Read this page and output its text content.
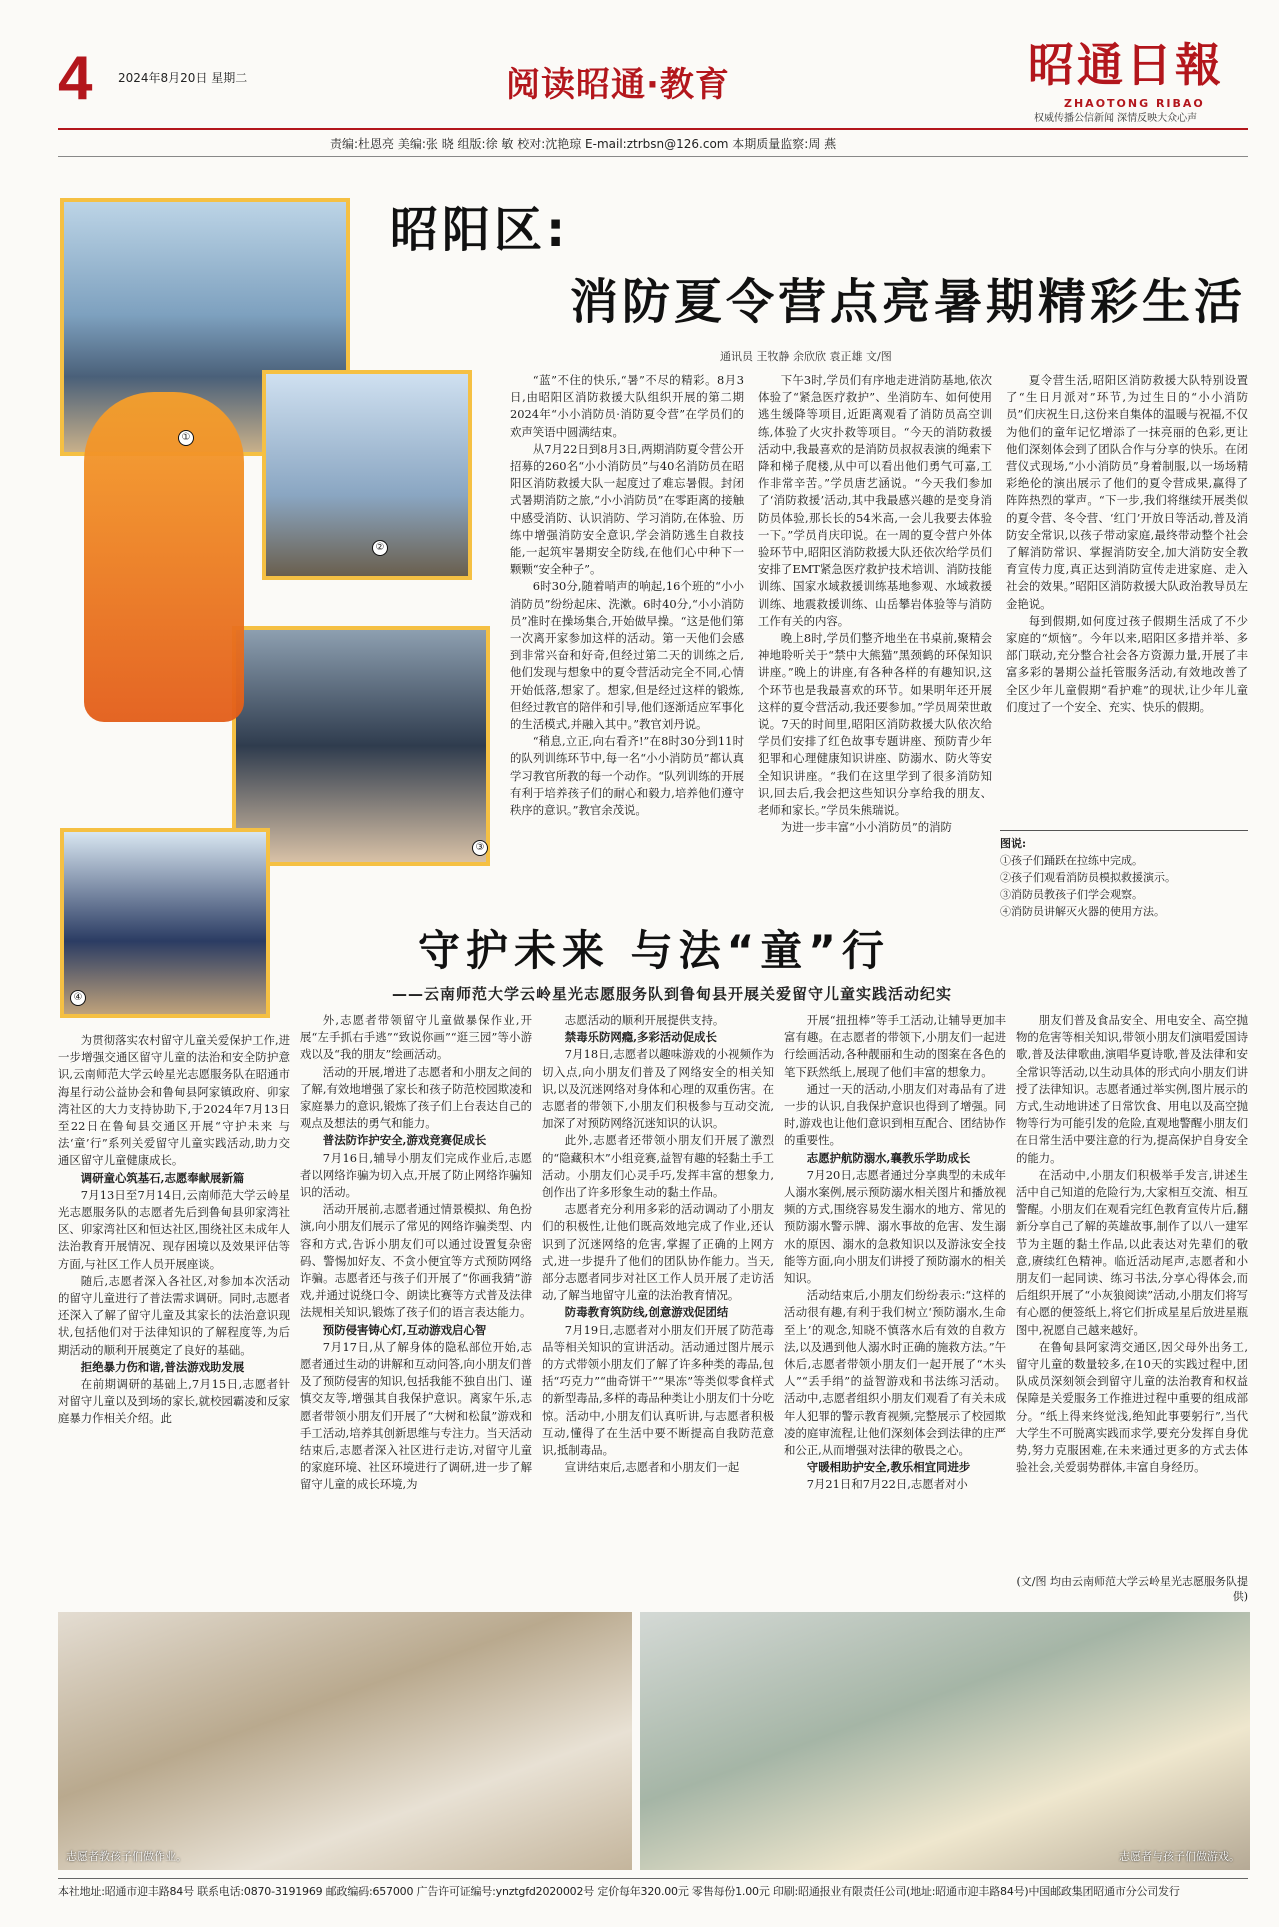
4 2024年8月20日 星期二	阅读昭通·教育	昭通日報
ZHAOTONG RIBAO
权威传播公信新闻 深情反映大众心声
责编:杜恩亮 美编:张 晓 组版:徐 敏 校对:沈艳琼 E-mail:ztrbsn@126.com 本期质量监察:周 燕
①
②
③
④
昭阳区:
消防夏令营点亮暑期精彩生活
通讯员 王牧静 余欣欣 袁正雄 文/图

“蓝”不住的快乐,“暑”不尽的精彩。8月3日,由昭阳区消防救援大队组织开展的第二期2024年“小小消防员·消防夏令营”在学员们的欢声笑语中圆满结束。

从7月22日到8月3日,两期消防夏令营公开招募的260名“小小消防员”与40名消防员在昭阳区消防救援大队一起度过了难忘暑假。封闭式暑期消防之旅,“小小消防员”在零距离的接触中感受消防、认识消防、学习消防,在体验、历练中增强消防安全意识,学会消防逃生自救技能,一起筑牢暑期安全防线,在他们心中种下一颗颗“安全种子”。

6时30分,随着哨声的响起,16个班的“小小消防员”纷纷起床、洗漱。6时40分,“小小消防员”准时在操场集合,开始做早操。“这是他们第一次离开家参加这样的活动。第一天他们会感到非常兴奋和好奇,但经过第二天的训练之后,他们发现与想象中的夏令营活动完全不同,心情开始低落,想家了。想家,但是经过这样的锻炼,但经过教官的陪伴和引导,他们逐渐适应军事化的生活模式,并融入其中。”教官刘丹说。

“稍息,立正,向右看齐!”在8时30分到11时的队列训练环节中,每一名“小小消防员”都认真学习教官所教的每一个动作。“队列训练的开展有利于培养孩子们的耐心和毅力,培养他们遵守秩序的意识。”教官余茂说。

下午3时,学员们有序地走进消防基地,依次体验了“紧急医疗救护”、坐消防车、如何使用逃生缓降等项目,近距离观看了消防员高空训练,体验了火灾扑救等项目。“今天的消防救援活动中,我最喜欢的是消防员叔叔表演的绳索下降和梯子爬楼,从中可以看出他们勇气可嘉,工作非常辛苦。”学员唐艺涵说。“今天我们参加了‘消防救援’活动,其中我最感兴趣的是变身消防员体验,那长长的54米高,一会儿我要去体验一下。”学员肖庆印说。在一周的夏令营户外体验环节中,昭阳区消防救援大队还依次给学员们安排了EMT紧急医疗救护技术培训、消防技能训练、国家水域救援训练基地参观、水域救援训练、地震救援训练、山岳攀岩体验等与消防工作有关的内容。

晚上8时,学员们整齐地坐在书桌前,聚精会神地聆听关于“禁中大熊猫”黑颈鹤的环保知识讲座。”晚上的讲座,有各种各样的有趣知识,这个环节也是我最喜欢的环节。如果明年还开展这样的夏令营活动,我还要参加。”学员周荣世敢说。7天的时间里,昭阳区消防救援大队依次给学员们安排了红色故事专题讲座、预防青少年犯罪和心理健康知识讲座、防溺水、防火等安全知识讲座。“我们在这里学到了很多消防知识,回去后,我会把这些知识分享给我的朋友、老师和家长。”学员朱熊瑞说。

为进一步丰富“小小消防员”的消防

夏令营生活,昭阳区消防救援大队特别设置了“生日月派对”环节,为过生日的“小小消防员”们庆祝生日,这份来自集体的温暖与祝福,不仅为他们的童年记忆增添了一抹亮丽的色彩,更让他们深刻体会到了团队合作与分享的快乐。在闭营仪式现场,“小小消防员”身着制服,以一场场精彩绝伦的演出展示了他们的夏令营成果,赢得了阵阵热烈的掌声。“下一步,我们将继续开展类似的夏令营、冬令营、‘红门’开放日等活动,普及消防安全常识,以孩子带动家庭,最终带动整个社会了解消防常识、掌握消防安全,加大消防安全教育宣传力度,真正达到消防宣传走进家庭、走入社会的效果。”昭阳区消防救援大队政治教导员左金艳说。

每到假期,如何度过孩子假期生活成了不少家庭的“烦恼”。今年以来,昭阳区多措并举、多部门联动,充分整合社会各方资源力量,开展了丰富多彩的暑期公益托管服务活动,有效地改善了全区少年儿童假期“看护难”的现状,让少年儿童们度过了一个安全、充实、快乐的假期。

图说:
①孩子们踊跃在拉练中完成。
②孩子们观看消防员模拟救援演示。
③消防员教孩子们学会观察。
④消防员讲解灭火器的使用方法。
守护未来 与法“童”行
——云南师范大学云岭星光志愿服务队到鲁甸县开展关爱留守儿童实践活动纪实

为贯彻落实农村留守儿童关爱保护工作,进一步增强交通区留守儿童的法治和安全防护意识,云南师范大学云岭星光志愿服务队在昭通市海星行动公益协会和鲁甸县阿家镇政府、卯家湾社区的大力支持协助下,于2024年7月13日至22日在鲁甸县交通区开展“守护未来 与法‘童’行”系列关爱留守儿童实践活动,助力交通区留守儿童健康成长。

调研童心筑基石,志愿奉献展新篇

7月13日至7月14日,云南师范大学云岭星光志愿服务队的志愿者先后到鲁甸县卯家湾社区、卯家湾社区和恒达社区,围绕社区未成年人法治教育开展情况、现存困境以及效果评估等方面,与社区工作人员开展座谈。

随后,志愿者深入各社区,对参加本次活动的留守儿童进行了普法需求调研。同时,志愿者还深入了解了留守儿童及其家长的法治意识现状,包括他们对于法律知识的了解程度等,为后期活动的顺利开展奠定了良好的基础。

拒绝暴力伤和谐,普法游戏助发展

在前期调研的基础上,7月15日,志愿者针对留守儿童以及到场的家长,就校园霸凌和反家庭暴力作相关介绍。此

外,志愿者带领留守儿童做暴保作业,开展“左手抓右手逃”“致说你画”“逛三园”等小游戏以及“我的朋友”绘画活动。

活动的开展,增进了志愿者和小朋友之间的了解,有效地增强了家长和孩子防范校园欺凌和家庭暴力的意识,锻炼了孩子们上台表达自己的观点及想法的勇气和能力。

普法防诈护安全,游戏竞赛促成长

7月16日,辅导小朋友们完成作业后,志愿者以网络诈骗为切入点,开展了防止网络诈骗知识的活动。

活动开展前,志愿者通过情景模拟、角色扮演,向小朋友们展示了常见的网络诈骗类型、内容和方式,告诉小朋友们可以通过设置复杂密码、警惕加好友、不贪小便宜等方式预防网络诈骗。志愿者还与孩子们开展了“你画我猜”游戏,并通过说绕口令、朗读比赛等方式普及法律法规相关知识,锻炼了孩子们的语言表达能力。

预防侵害铸心灯,互动游戏启心智

7月17日,从了解身体的隐私部位开始,志愿者通过生动的讲解和互动问答,向小朋友们普及了预防侵害的知识,包括我能不独自出门、谨慎交友等,增强其自我保护意识。离家午乐,志愿者带领小朋友们开展了“大树和松鼠”游戏和手工活动,培养其创新思维与专注力。当天活动结束后,志愿者深入社区进行走访,对留守儿童的家庭环境、社区环境进行了调研,进一步了解留守儿童的成长环境,为

志愿活动的顺利开展提供支持。

禁毒乐防网瘾,多彩活动促成长

7月18日,志愿者以趣味游戏的小视频作为切入点,向小朋友们普及了网络安全的相关知识,以及沉迷网络对身体和心理的双重伤害。在志愿者的带领下,小朋友们积极参与互动交流,加深了对预防网络沉迷知识的认识。

此外,志愿者还带领小朋友们开展了激烈的“隐藏积木”小组竞赛,益智有趣的轻黏土手工活动。小朋友们心灵手巧,发挥丰富的想象力,创作出了许多形象生动的黏土作品。

志愿者充分利用多彩的活动调动了小朋友们的积极性,让他们既高效地完成了作业,还认识到了沉迷网络的危害,掌握了正确的上网方式,进一步提升了他们的团队协作能力。当天,部分志愿者同步对社区工作人员开展了走访活动,了解当地留守儿童的法治教育情况。

防毒教育筑防线,创意游戏促团结

7月19日,志愿者对小朋友们开展了防范毒品等相关知识的宣讲活动。活动通过图片展示的方式带领小朋友们了解了许多种类的毒品,包括“巧克力”“曲奇饼干”“果冻”等类似零食样式的新型毒品,多样的毒品种类让小朋友们十分吃惊。活动中,小朋友们认真听讲,与志愿者积极互动,懂得了在生活中要不断提高自我防范意识,抵制毒品。

宣讲结束后,志愿者和小朋友们一起

开展“扭扭棒”等手工活动,让辅导更加丰富有趣。在志愿者的带领下,小朋友们一起进行绘画活动,各种靓丽和生动的图案在各色的笔下跃然纸上,展现了他们丰富的想象力。

通过一天的活动,小朋友们对毒品有了进一步的认识,自我保护意识也得到了增强。同时,游戏也让他们意识到相互配合、团结协作的重要性。

志愿护航防溺水,襄教乐学助成长

7月20日,志愿者通过分享典型的未成年人溺水案例,展示预防溺水相关图片和播放视频的方式,围绕容易发生溺水的地方、常见的预防溺水警示牌、溺水事故的危害、发生溺水的原因、溺水的急救知识以及游泳安全技能等方面,向小朋友们讲授了预防溺水的相关知识。

活动结束后,小朋友们纷纷表示:“这样的活动很有趣,有利于我们树立‘预防溺水,生命至上’的观念,知晓不慎落水后有效的自救方法,以及遇到他人溺水时正确的施救方法。”午休后,志愿者带领小朋友们一起开展了“木头人”“丢手绢”的益智游戏和书法练习活动。活动中,志愿者组织小朋友们观看了有关未成年人犯罪的警示教育视频,完整展示了校园欺凌的庭审流程,让他们深刻体会到法律的庄严和公正,从而增强对法律的敬畏之心。

守暖相助护安全,教乐相宜同进步

7月21日和7月22日,志愿者对小

朋友们普及食品安全、用电安全、高空抛物的危害等相关知识,带领小朋友们演唱爱国诗歌,普及法律歌曲,演唱华夏诗歌,普及法律和安全常识等活动,以生动具体的形式向小朋友们讲授了法律知识。志愿者通过举实例,图片展示的方式,生动地讲述了日常饮食、用电以及高空抛物等行为可能引发的危险,直观地警醒小朋友们在日常生活中要注意的行为,提高保护自身安全的能力。

在活动中,小朋友们积极举手发言,讲述生活中自己知道的危险行为,大家相互交流、相互警醒。小朋友们在观看完红色教育宣传片后,翻新分享自己了解的英雄故事,制作了以八一建军节为主题的黏土作品,以此表达对先辈们的敬意,赓续红色精神。临近活动尾声,志愿者和小朋友们一起同读、练习书法,分享心得体会,而后组织开展了“小灰狼阅读”活动,小朋友们将写有心愿的便签纸上,将它们折成星星后放进星瓶图中,祝愿自己越来越好。

在鲁甸县阿家湾交通区,因父母外出务工,留守儿童的数量较多,在10天的实践过程中,团队成员深刻领会到留守儿童的法治教育和权益保障是关爱服务工作推进过程中重要的组成部分。“纸上得来终觉浅,绝知此事要躬行”,当代大学生不可脱离实践而求学,要充分发挥自身优势,努力克服困难,在未来通过更多的方式去体验社会,关爱弱势群体,丰富自身经历。

(文/图 均由云南师范大学云岭星光志愿服务队提供)
志愿者教孩子们做作业。	志愿者与孩子们做游戏。
本社地址:昭通市迎丰路84号 联系电话:0870-3191969 邮政编码:657000 广告许可证编号:ynztgfd2020002号 定价每年320.00元 零售每份1.00元 印刷:昭通报业有限责任公司(地址:昭通市迎丰路84号)中国邮政集团昭通市分公司发行
